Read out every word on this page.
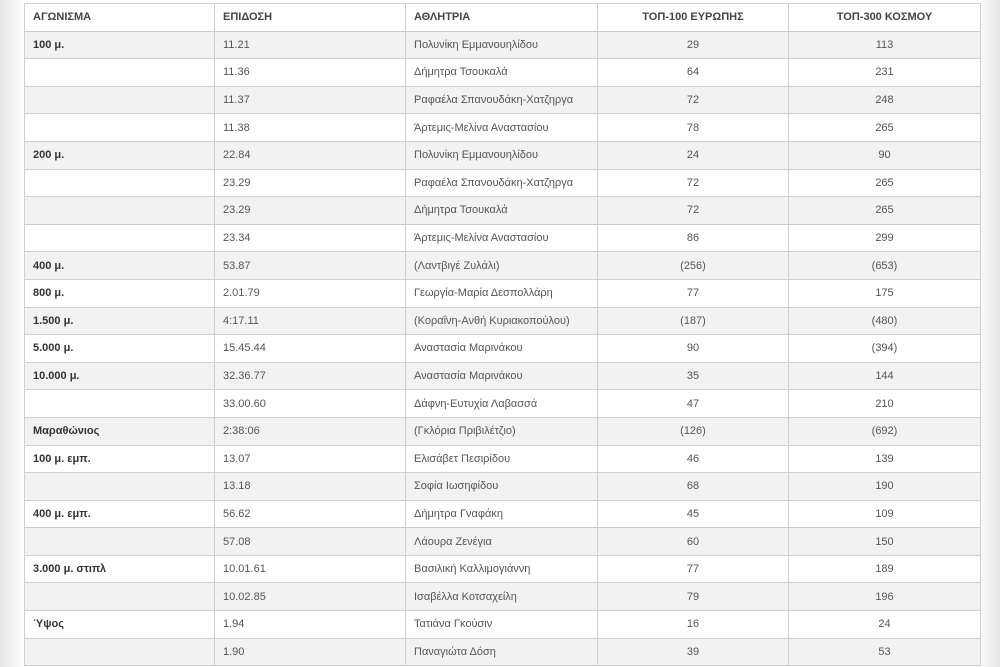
ΑΓΩΝΙΣΜΑ	ΕΠΙΔΟΣΗ	ΑΘΛΗΤΡΙΑ	ΤΟΠ-100 ΕΥΡΩΠΗΣ	ΤΟΠ-300 ΚΟΣΜΟΥ
100 μ.	11.21	Πολυνίκη Εμμανουηλίδου	29	113
	11.36	Δήμητρα Τσουκαλά	64	231
	11.37	Ραφαέλα Σπανουδάκη-Χατζηργα	72	248
	11.38	Άρτεμις-Μελίνα Αναστασίου	78	265
200 μ.	22.84	Πολυνίκη Εμμανουηλίδου	24	90
	23.29	Ραφαέλα Σπανουδάκη-Χατζηργα	72	265
	23.29	Δήμητρα Τσουκαλά	72	265
	23.34	Άρτεμις-Μελίνα Αναστασίου	86	299
400 μ.	53.87	(Λαντβιγέ Ζυλάλι)	(256)	(653)
800 μ.	2.01.79	Γεωργία-Μαρία Δεσπολλάρη	77	175
1.500 μ.	4:17.11	(Κοραΐνη-Ανθή Κυριακοπούλου)	(187)	(480)
5.000 μ.	15.45.44	Αναστασία Μαρινάκου	90	(394)
10.000 μ.	32.36.77	Αναστασία Μαρινάκου	35	144
	33.00.60	Δάφνη-Ευτυχία Λαβασσά	47	210
Μαραθώνιος	2:38:06	(Γκλόρια Πριβιλέτζιο)	(126)	(692)
100 μ. εμπ.	13.07	Ελισάβετ Πεσιρίδου	46	139
	13.18	Σοφία Ιωσηφίδου	68	190
400 μ. εμπ.	56.62	Δήμητρα Γναφάκη	45	109
	57.08	Λάουρα Ζενέγια	60	150
3.000 μ. στιπλ	10.01.61	Βασιλική Καλλιμογιάννη	77	189
	10.02.85	Ισαβέλλα Κοτσαχείλη	79	196
Ύψος	1.94	Τατιάνα Γκούσιν	16	24
	1.90	Παναγιώτα Δόση	39	53
